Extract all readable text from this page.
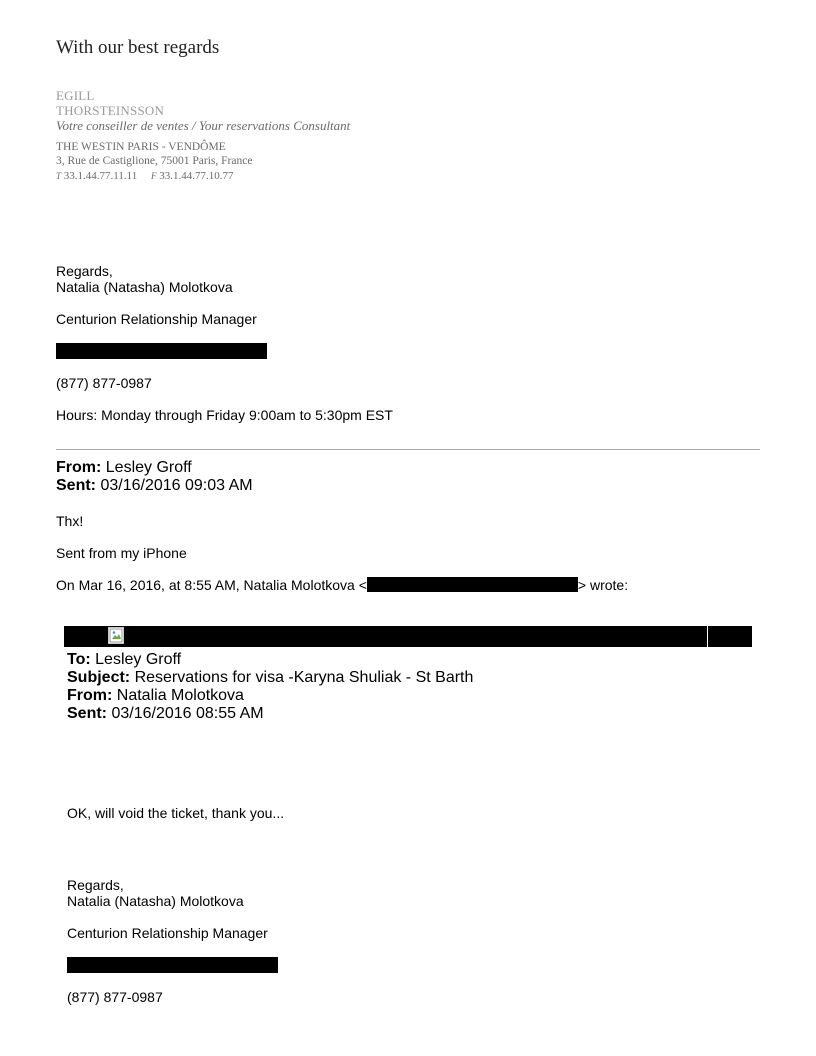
With our best regards
EGILL
THORSTEINSSON
Votre conseiller de ventes / Your reservations Consultant
THE WESTIN PARIS - VENDÔME
3, Rue de Castiglione, 75001 Paris, France
T 33.1.44.77.11.11 F 33.1.44.77.10.77
Regards,
Natalia (Natasha) Molotkova
Centurion Relationship Manager
(877) 877-0987
Hours: Monday through Friday 9:00am to 5:30pm EST
From: Lesley Groff
Sent: 03/16/2016 09:03 AM
Thx!
Sent from my iPhone
On Mar 16, 2016, at 8:55 AM, Natalia Molotkova <	> wrote:
To: Lesley Groff
Subject: Reservations for visa -Karyna Shuliak - St Barth
From: Natalia Molotkova
Sent: 03/16/2016 08:55 AM
OK, will void the ticket, thank you...
Regards,
Natalia (Natasha) Molotkova
Centurion Relationship Manager
(877) 877-0987
